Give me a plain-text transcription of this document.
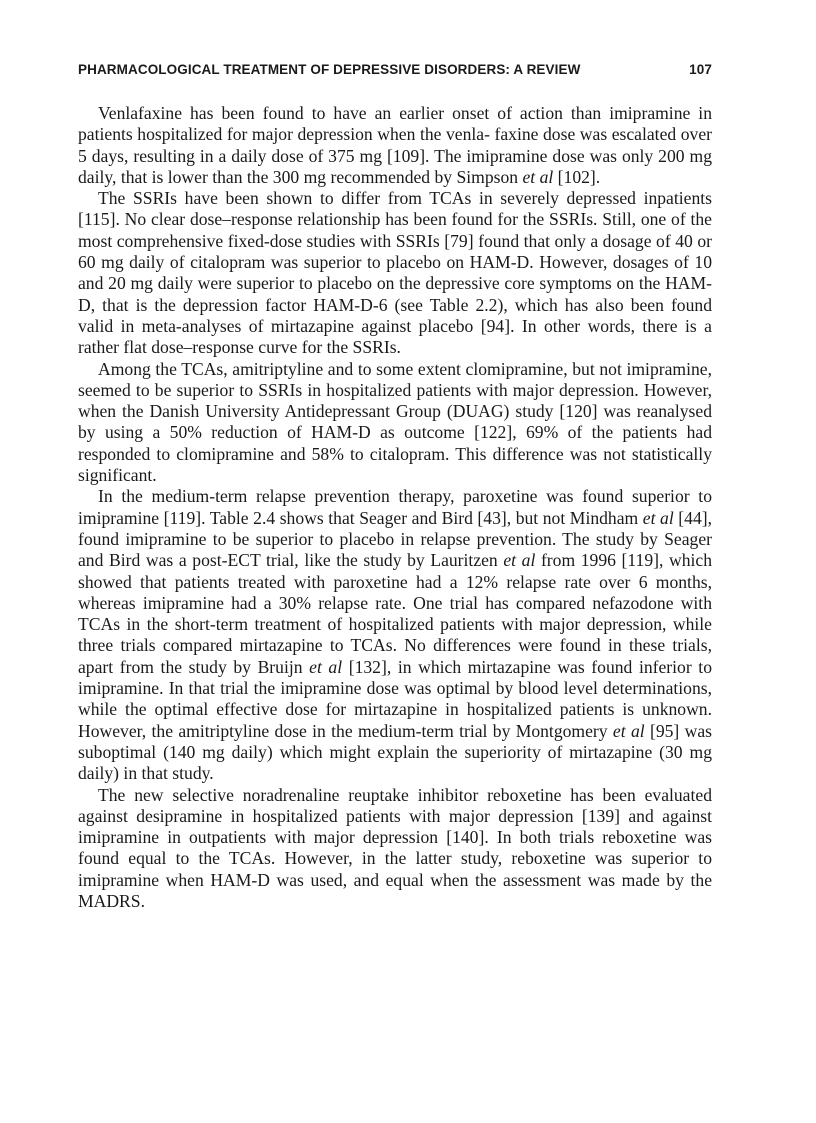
PHARMACOLOGICAL TREATMENT OF DEPRESSIVE DISORDERS: A REVIEW	107

Venlafaxine has been found to have an earlier onset of action than imipramine in patients hospitalized for major depression when the venla- faxine dose was escalated over 5 days, resulting in a daily dose of 375 mg [109]. The imipramine dose was only 200 mg daily, that is lower than the 300 mg recommended by Simpson et al [102].

The SSRIs have been shown to differ from TCAs in severely depressed inpatients [115]. No clear dose–response relationship has been found for the SSRIs. Still, one of the most comprehensive fixed-dose studies with SSRIs [79] found that only a dosage of 40 or 60 mg daily of citalopram was superior to placebo on HAM-D. However, dosages of 10 and 20 mg daily were superior to placebo on the depressive core symptoms on the HAM-D, that is the depression factor HAM-D-6 (see Table 2.2), which has also been found valid in meta-analyses of mirtazapine against placebo [94]. In other words, there is a rather flat dose–response curve for the SSRIs.

Among the TCAs, amitriptyline and to some extent clomipramine, but not imipramine, seemed to be superior to SSRIs in hospitalized patients with major depression. However, when the Danish University Antidepressant Group (DUAG) study [120] was reanalysed by using a 50% reduction of HAM-D as outcome [122], 69% of the patients had responded to clomipramine and 58% to citalopram. This difference was not statistically significant.

In the medium-term relapse prevention therapy, paroxetine was found superior to imipramine [119]. Table 2.4 shows that Seager and Bird [43], but not Mindham et al [44], found imipramine to be superior to placebo in relapse prevention. The study by Seager and Bird was a post-ECT trial, like the study by Lauritzen et al from 1996 [119], which showed that patients treated with paroxetine had a 12% relapse rate over 6 months, whereas imipramine had a 30% relapse rate. One trial has compared nefazodone with TCAs in the short-term treatment of hospitalized patients with major depression, while three trials compared mirtazapine to TCAs. No differences were found in these trials, apart from the study by Bruijn et al [132], in which mirtazapine was found inferior to imipramine. In that trial the imipramine dose was optimal by blood level determinations, while the optimal effective dose for mirtazapine in hospitalized patients is unknown. However, the amitriptyline dose in the medium-term trial by Montgomery et al [95] was suboptimal (140 mg daily) which might explain the superiority of mirtazapine (30 mg daily) in that study.

The new selective noradrenaline reuptake inhibitor reboxetine has been evaluated against desipramine in hospitalized patients with major depression [139] and against imipramine in outpatients with major depression [140]. In both trials reboxetine was found equal to the TCAs. However, in the latter study, reboxetine was superior to imipramine when HAM-D was used, and equal when the assessment was made by the MADRS.
